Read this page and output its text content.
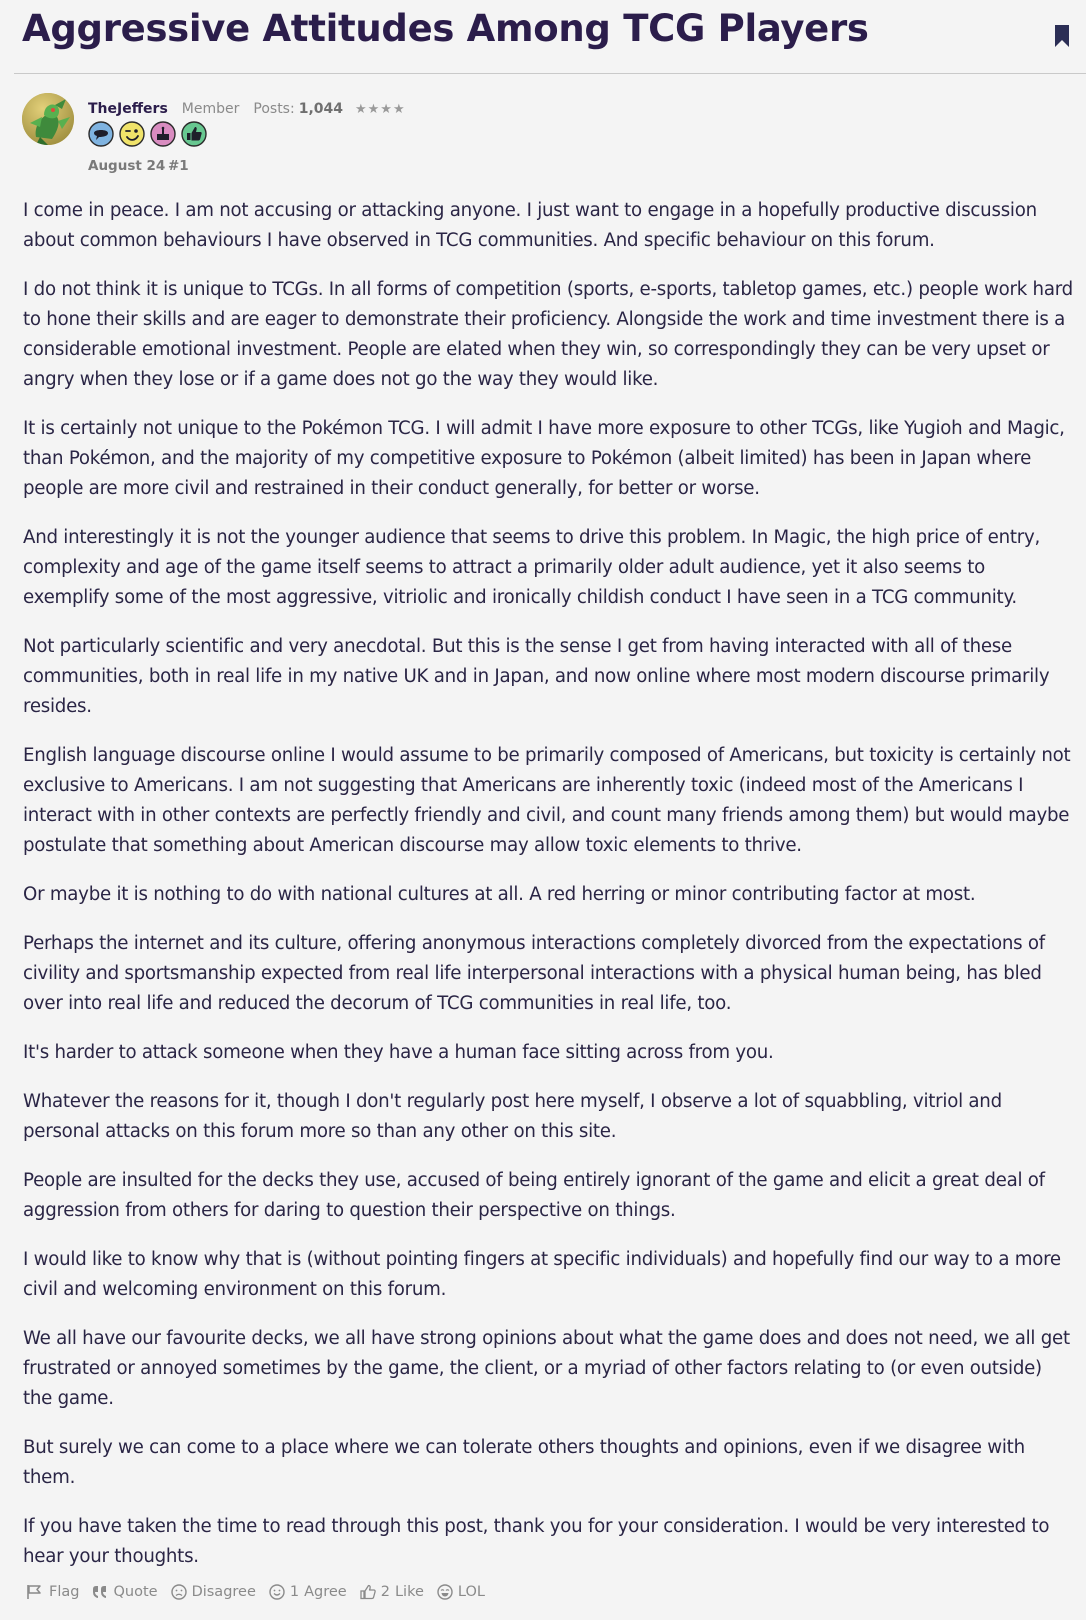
Aggressive Attitudes Among TCG Players
TheJeffers Member Posts: 1,044 ★★★★
August 24 #1

I come in peace. I am not accusing or attacking anyone. I just want to engage in a hopefully productive discussion about common behaviours I have observed in TCG communities. And specific behaviour on this forum.

I do not think it is unique to TCGs. In all forms of competition (sports, e-sports, tabletop games, etc.) people work hard to hone their skills and are eager to demonstrate their proficiency. Alongside the work and time investment there is a considerable emotional investment. People are elated when they win, so correspondingly they can be very upset or angry when they lose or if a game does not go the way they would like.

It is certainly not unique to the Pokémon TCG. I will admit I have more exposure to other TCGs, like Yugioh and Magic, than Pokémon, and the majority of my competitive exposure to Pokémon (albeit limited) has been in Japan where people are more civil and restrained in their conduct generally, for better or worse.

And interestingly it is not the younger audience that seems to drive this problem. In Magic, the high price of entry, complexity and age of the game itself seems to attract a primarily older adult audience, yet it also seems to exemplify some of the most aggressive, vitriolic and ironically childish conduct I have seen in a TCG community.

Not particularly scientific and very anecdotal. But this is the sense I get from having interacted with all of these communities, both in real life in my native UK and in Japan, and now online where most modern discourse primarily resides.

English language discourse online I would assume to be primarily composed of Americans, but toxicity is certainly not exclusive to Americans. I am not suggesting that Americans are inherently toxic (indeed most of the Americans I interact with in other contexts are perfectly friendly and civil, and count many friends among them) but would maybe postulate that something about American discourse may allow toxic elements to thrive.

Or maybe it is nothing to do with national cultures at all. A red herring or minor contributing factor at most.

Perhaps the internet and its culture, offering anonymous interactions completely divorced from the expectations of civility and sportsmanship expected from real life interpersonal interactions with a physical human being, has bled over into real life and reduced the decorum of TCG communities in real life, too.

It's harder to attack someone when they have a human face sitting across from you.

Whatever the reasons for it, though I don't regularly post here myself, I observe a lot of squabbling, vitriol and personal attacks on this forum more so than any other on this site.

People are insulted for the decks they use, accused of being entirely ignorant of the game and elicit a great deal of aggression from others for daring to question their perspective on things.

I would like to know why that is (without pointing fingers at specific individuals) and hopefully find our way to a more civil and welcoming environment on this forum.

We all have our favourite decks, we all have strong opinions about what the game does and does not need, we all get frustrated or annoyed sometimes by the game, the client, or a myriad of other factors relating to (or even outside) the game.

But surely we can come to a place where we can tolerate others thoughts and opinions, even if we disagree with them.

If you have taken the time to read through this post, thank you for your consideration. I would be very interested to hear your thoughts.

Flag Quote Disagree 1 Agree 2 Like LOL
